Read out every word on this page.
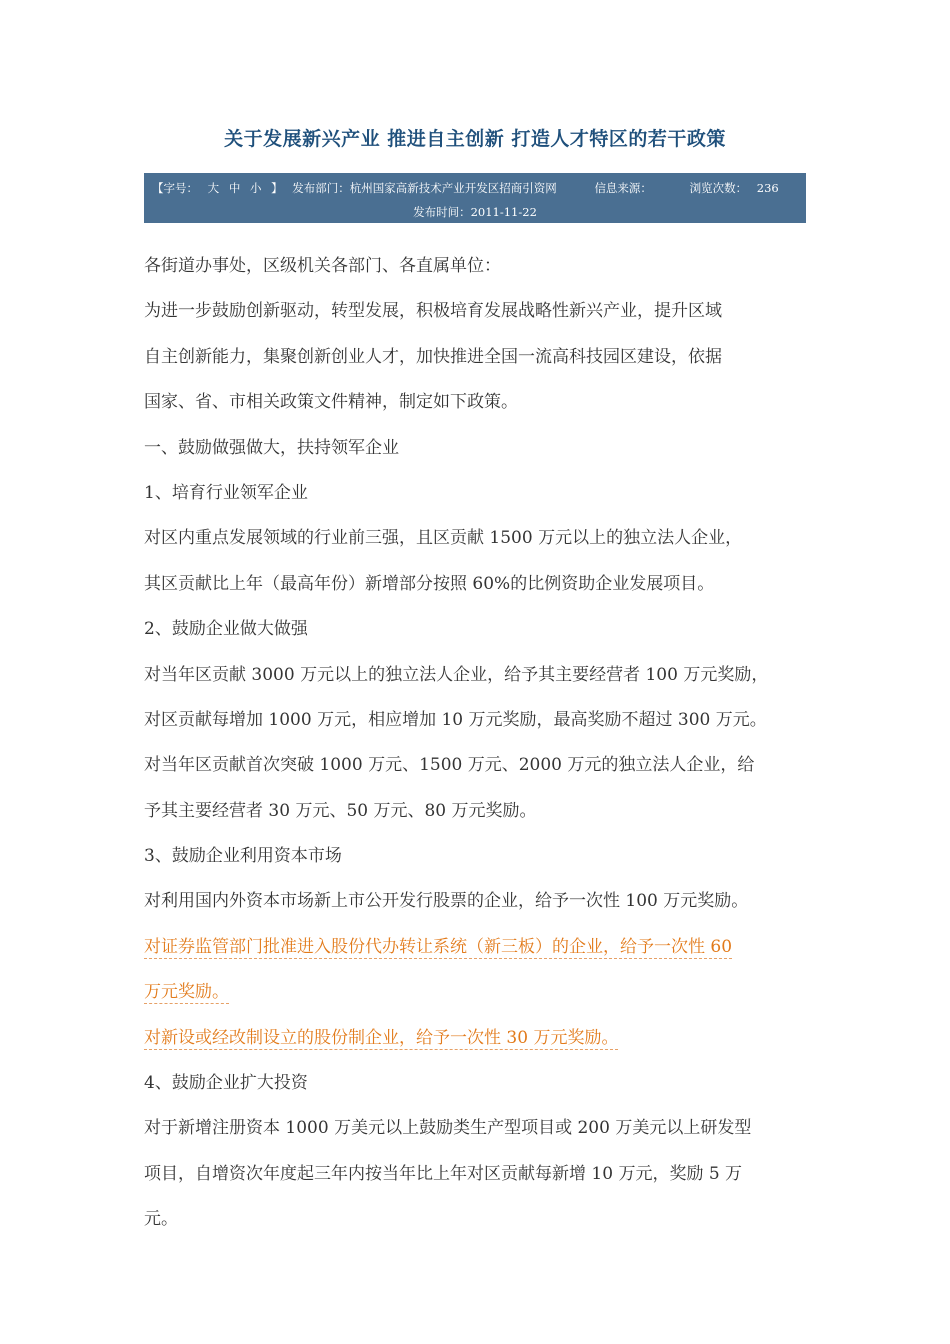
关于发展新兴产业 推进自主创新 打造人才特区的若干政策
【字号： 大 中 小 】 发布部门：杭州国家高新技术产业开发区招商引资网	信息来源：	浏览次数： 236
发布时间：2011-11-22
各街道办事处，区级机关各部门、各直属单位：
为进一步鼓励创新驱动，转型发展，积极培育发展战略性新兴产业，提升区域
自主创新能力，集聚创新创业人才，加快推进全国一流高科技园区建设，依据
国家、省、市相关政策文件精神，制定如下政策。
一、鼓励做强做大，扶持领军企业
1、培育行业领军企业
对区内重点发展领域的行业前三强，且区贡献 1500 万元以上的独立法人企业，
其区贡献比上年（最高年份）新增部分按照 60%的比例资助企业发展项目。
2、鼓励企业做大做强
对当年区贡献 3000 万元以上的独立法人企业，给予其主要经营者 100 万元奖励，
对区贡献每增加 1000 万元，相应增加 10 万元奖励，最高奖励不超过 300 万元。
对当年区贡献首次突破 1000 万元、1500 万元、2000 万元的独立法人企业，给
予其主要经营者 30 万元、50 万元、80 万元奖励。
3、鼓励企业利用资本市场
对利用国内外资本市场新上市公开发行股票的企业，给予一次性 100 万元奖励。
对证券监管部门批准进入股份代办转让系统（新三板）的企业，给予一次性 60
万元奖励。
对新设或经改制设立的股份制企业，给予一次性 30 万元奖励。
4、鼓励企业扩大投资
对于新增注册资本 1000 万美元以上鼓励类生产型项目或 200 万美元以上研发型
项目，自增资次年度起三年内按当年比上年对区贡献每新增 10 万元，奖励 5 万
元。
